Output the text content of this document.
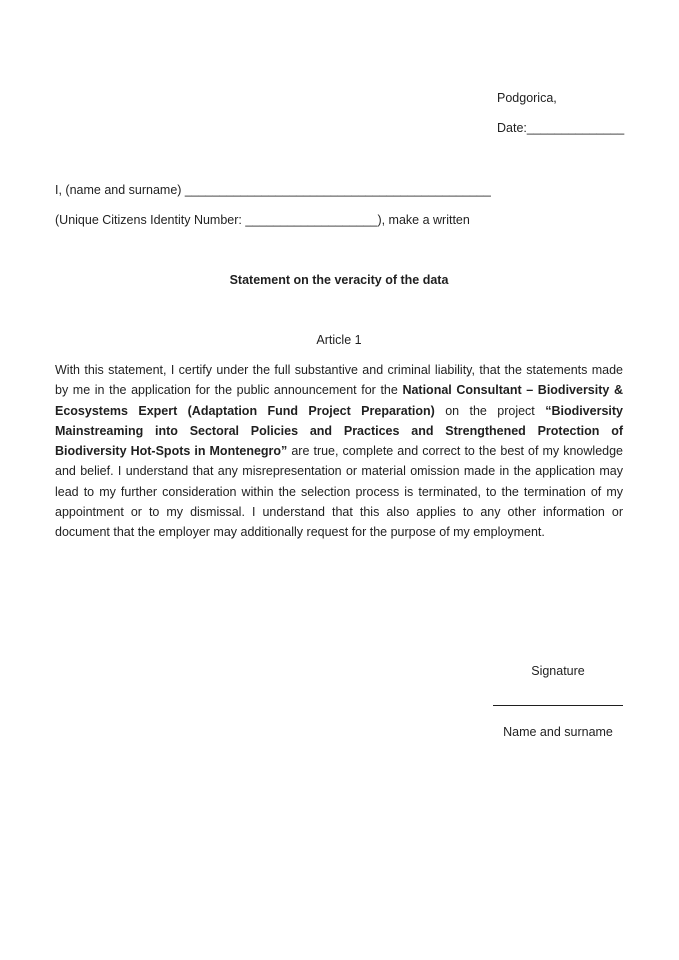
Podgorica,

Date:______________

I, (name and surname) ____________________________________________

(Unique Citizens Identity Number: ___________________), make a written

Statement on the veracity of the data

Article 1

With this statement, I certify under the full substantive and criminal liability, that the statements made by me in the application for the public announcement for the National Consultant – Biodiversity & Ecosystems Expert (Adaptation Fund Project Preparation) on the project “Biodiversity Mainstreaming into Sectoral Policies and Practices and Strengthened Protection of Biodiversity Hot-Spots in Montenegro” are true, complete and correct to the best of my knowledge and belief. I understand that any misrepresentation or material omission made in the application may lead to my further consideration within the selection process is terminated, to the termination of my appointment or to my dismissal. I understand that this also applies to any other information or document that the employer may additionally request for the purpose of my employment.

Signature

Name and surname
